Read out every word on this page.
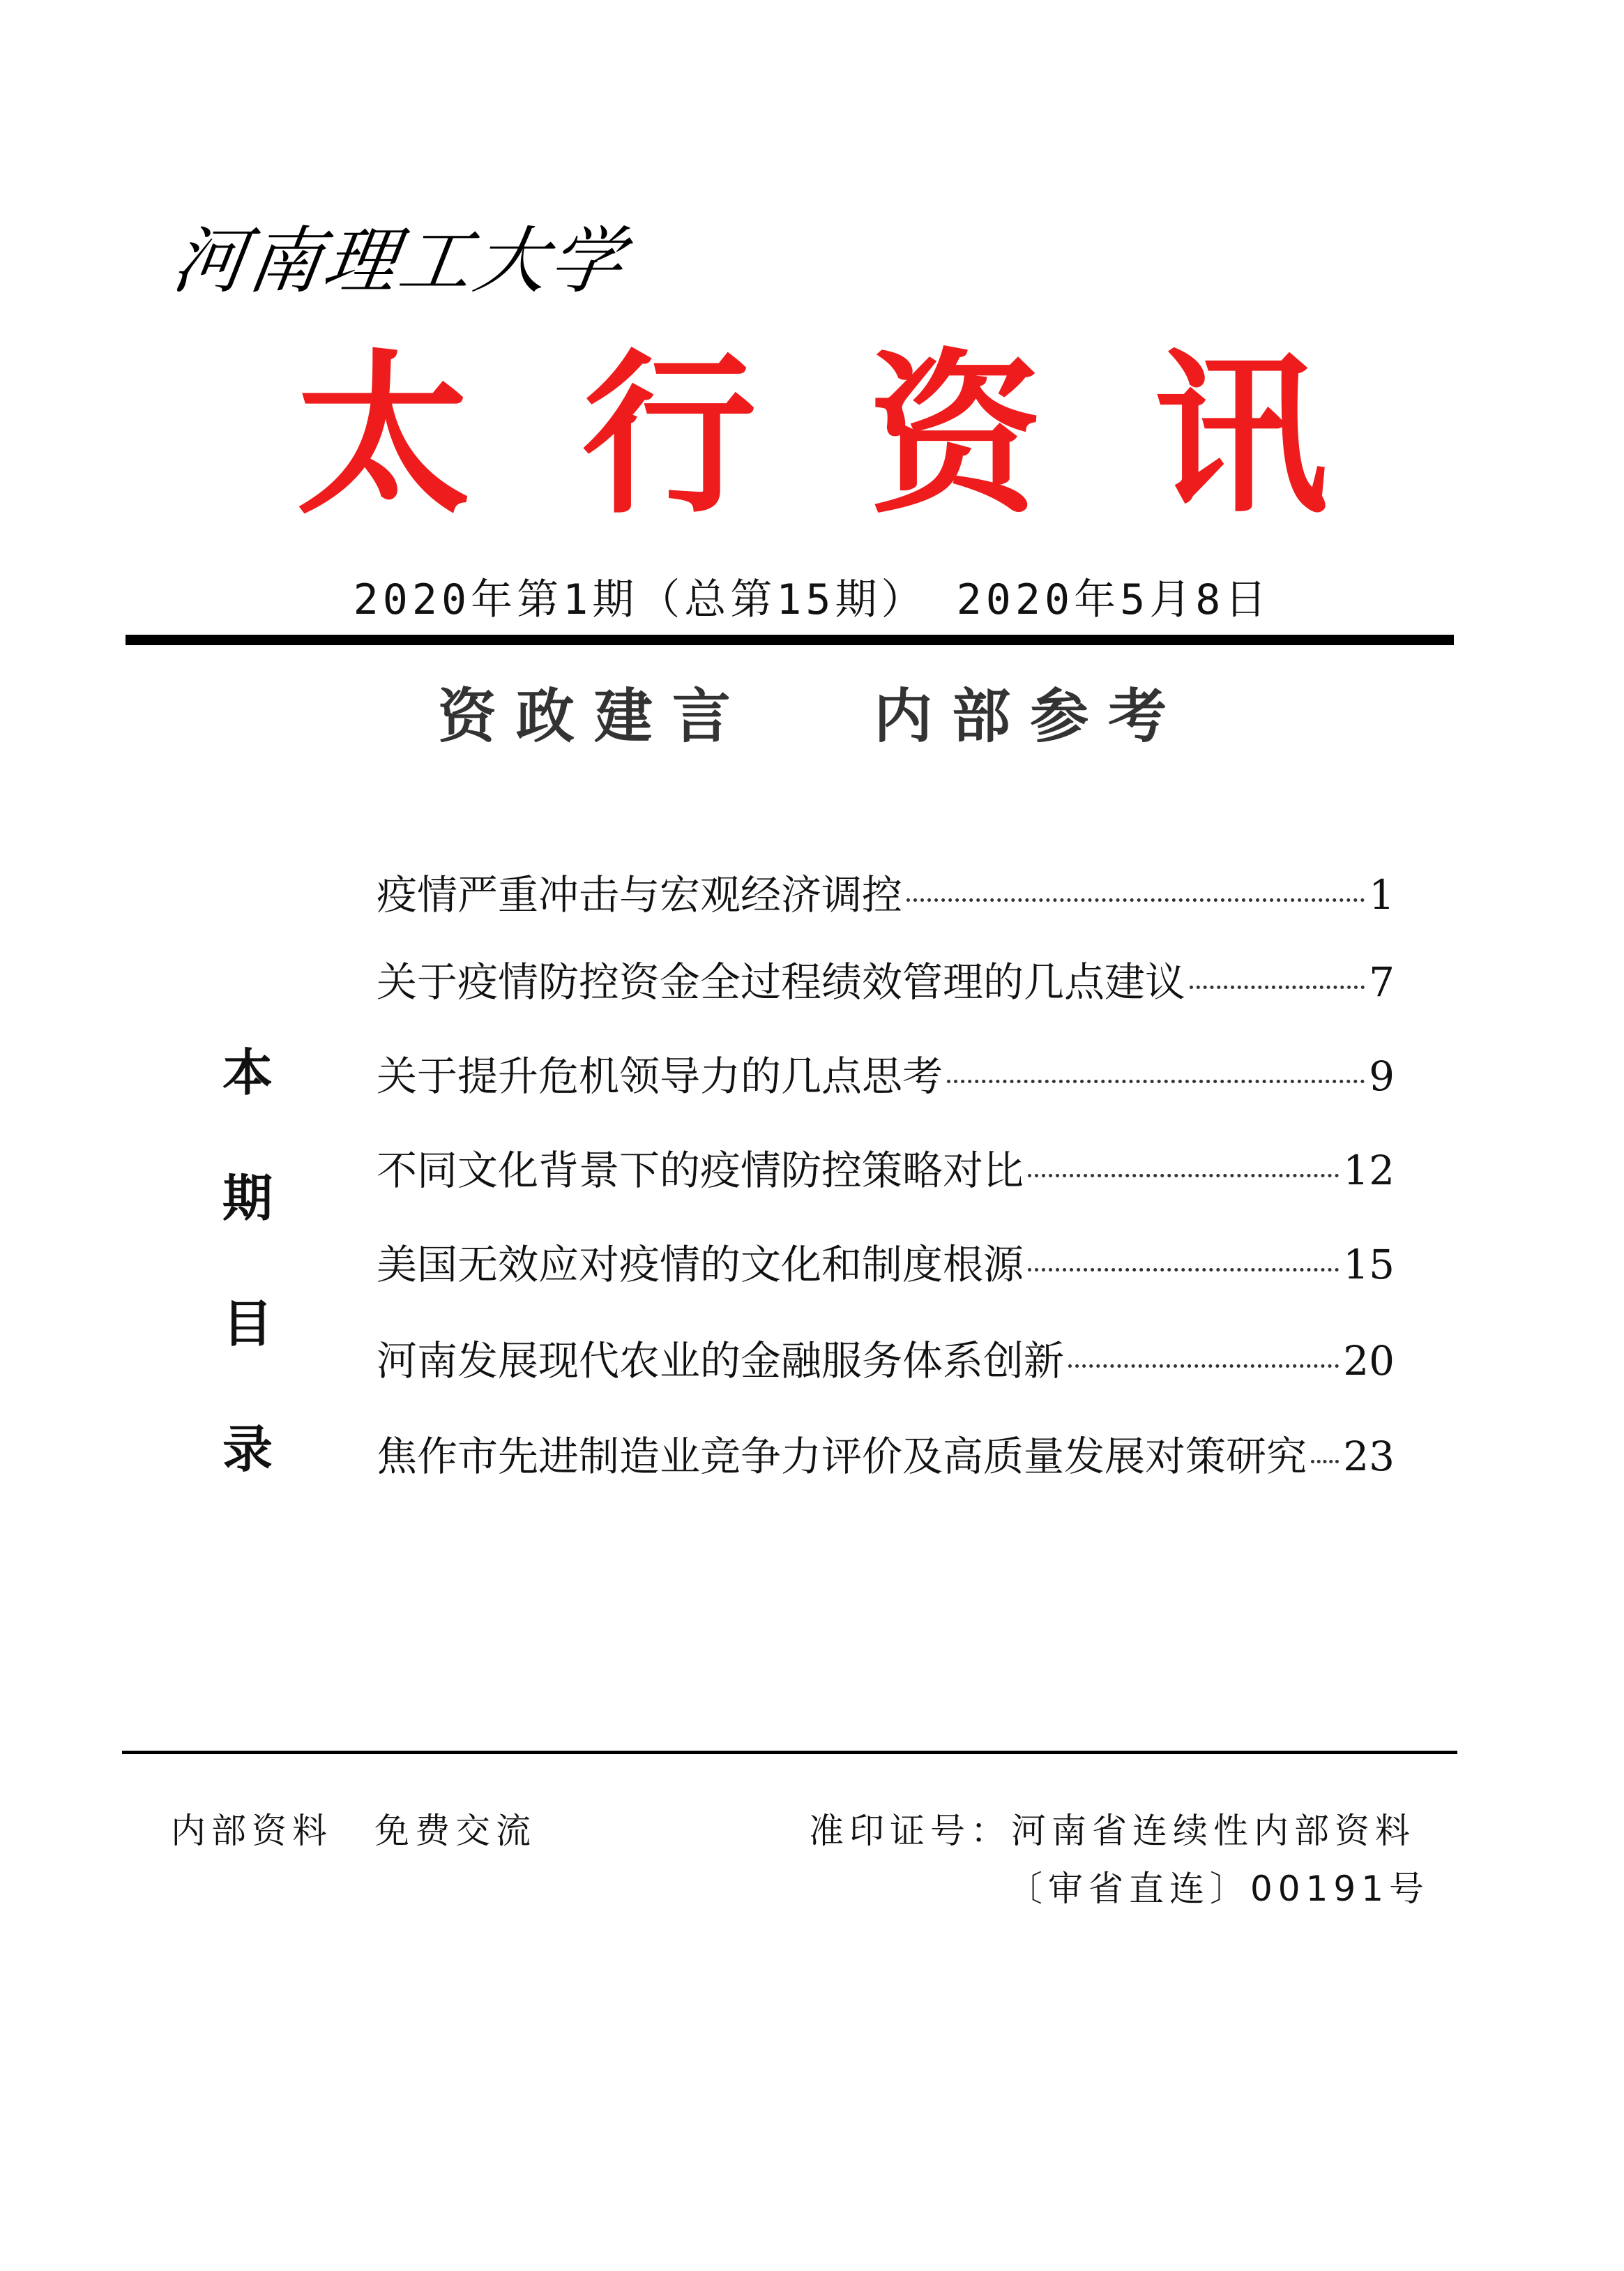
河南理工大学
太行资讯
2020年第1期（总第15期） 2020年5月8日
资政建言 内部参考
本
期
目
录
疫情严重冲击与宏观经济调控	1
关于疫情防控资金全过程绩效管理的几点建议	7
关于提升危机领导力的几点思考	9
不同文化背景下的疫情防控策略对比	12
美国无效应对疫情的文化和制度根源	15
河南发展现代农业的金融服务体系创新	20
焦作市先进制造业竞争力评价及高质量发展对策研究 23
内部资料 免费交流	准印证号：河南省连续性内部资料
〔审省直连〕00191号
